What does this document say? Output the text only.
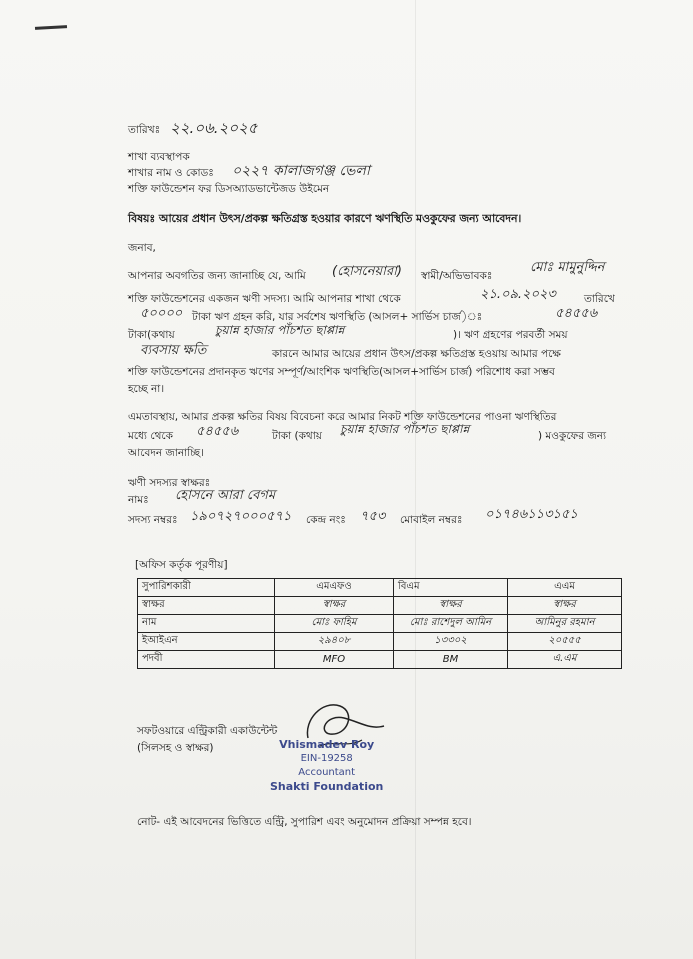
তারিখঃ ২২.০৬.২০২৫
শাখা ব্যবস্থাপক
শাখার নাম ও কোডঃ ০২২৭ কালাজগঞ্জ ভেলা
শক্তি ফাউন্ডেশন ফর ডিসঅ্যাডভান্টেজড উইমেন
বিষয়ঃ আয়ের প্রধান উৎস/প্রকল্প ক্ষতিগ্রস্ত হওয়ার কারণে ঋণস্থিতি মওকুফের জন্য আবেদন।
জনাব,
আপনার অবগতির জন্য জানাচ্ছি যে, আমি (হোসনেয়ারা) স্বামী/অভিভাবকঃ
মোঃ মামুনুদ্দিন
শক্তি ফাউন্ডেশনের একজন ঋণী সদস্য। আমি আপনার শাখা থেকে	২১.০৯.২০২৩	তারিখে
৫০০০০ টাকা ঋণ গ্রহন করি, যার সর্বশেষ ঋণস্থিতি (আসল+ সার্ভিস চার্জ)ঃ	৫৪৫৫৬
টাকা(কথায়	চুয়ান্ন হাজার পাঁচশত ছাপ্পান্ন	)। ঋণ গ্রহণের পরবর্তী সময়
ব্যবসায় ক্ষতি	কারনে আমার আয়ের প্রধান উৎস/প্রকল্প ক্ষতিগ্রস্ত হওয়ায় আমার পক্ষে
শক্তি ফাউন্ডেশনের প্রদানকৃত ঋণের সম্পূর্ণ/আংশিক ঋণস্থিতি(আসল+সার্ভিস চার্জ) পরিশোধ করা সম্ভব
হচ্ছে না।
এমতাবস্থায়, আমার প্রকল্প ক্ষতির বিষয় বিবেচনা করে আমার নিকট শক্তি ফাউন্ডেশনের পাওনা ঋণস্থিতির
মধ্যে থেকে ৫৪৫৫৬	টাকা (কথায় চুয়ান্ন হাজার পাঁচশত ছাপ্পান্ন	) মওকুফের জন্য
আবেদন জানাচ্ছি।
ঋণী সদস্যর স্বাক্ষরঃ
নামঃ হোসনে আরা বেগম
সদস্য নম্বরঃ ১৯০৭২৭০০০৫৭১ কেন্দ্র নংঃ ৭৫৩ মোবাইল নম্বরঃ ০১৭৪৬১১৩১৫১
[অফিস কর্তৃক পূরণীয়]
সুপারিশকারী	এমএফও	বিএম	এএম
স্বাক্ষর	স্বাক্ষর	স্বাক্ষর	স্বাক্ষর
নাম	মোঃ ফাহিম	মোঃ রাশেদুল আমিন	আমিনুর রহমান
ইআইএন	২৯৪০৮	১৩৩০২	২০৫৫৫
পদবী	MFO	BM	এ.এম
সফটওয়ারে এন্ট্রিকারী একাউন্টেন্ট
(সিলসহ ও স্বাক্ষর)	Vhismadev Roy
EIN-19258
Accountant
Shakti Foundation
নোট- এই আবেদনের ভিত্তিতে এন্ট্রি, সুপারিশ এবং অনুমোদন প্রক্রিয়া সম্পন্ন হবে।
